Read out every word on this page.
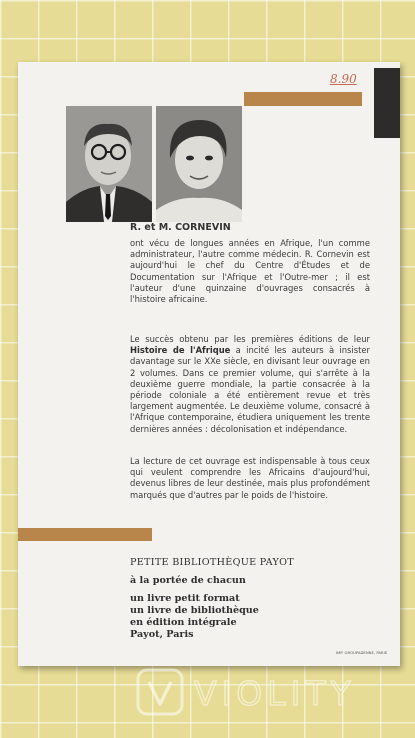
8.90
R. et M. CORNEVIN

ont vécu de longues années en Afrique, l'un comme administrateur, l'autre comme médecin. R. Cornevin est aujourd'hui le chef du Centre d'Études et de Documentation sur l'Afrique et l'Outre-mer ; il est l'auteur d'une quinzaine d'ouvrages consacrés à l'histoire africaine.

Le succès obtenu par les premières éditions de leur Histoire de l'Afrique a incité les auteurs à insister davantage sur le XXe siècle, en divisant leur ouvrage en 2 volumes. Dans ce premier volume, qui s'arrête à la deuxième guerre mondiale, la partie consacrée à la période coloniale a été entièrement revue et très largement augmentée. Le deuxième volume, consacré à l'Afrique contemporaine, étudiera uniquement les trente dernières années : décolonisation et indépendance.

La lecture de cet ouvrage est indispensable à tous ceux qui veulent comprendre les Africains d'aujourd'hui, devenus libres de leur destinée, mais plus profondément marqués que d'autres par le poids de l'histoire.

PETITE BIBLIOTHÈQUE PAYOT
à la portée de chacun
un livre petit format
un livre de bibliothèque
en édition intégrale
Payot, Paris
IMP. GROUPADENNE, PARIS
VIOLITY
